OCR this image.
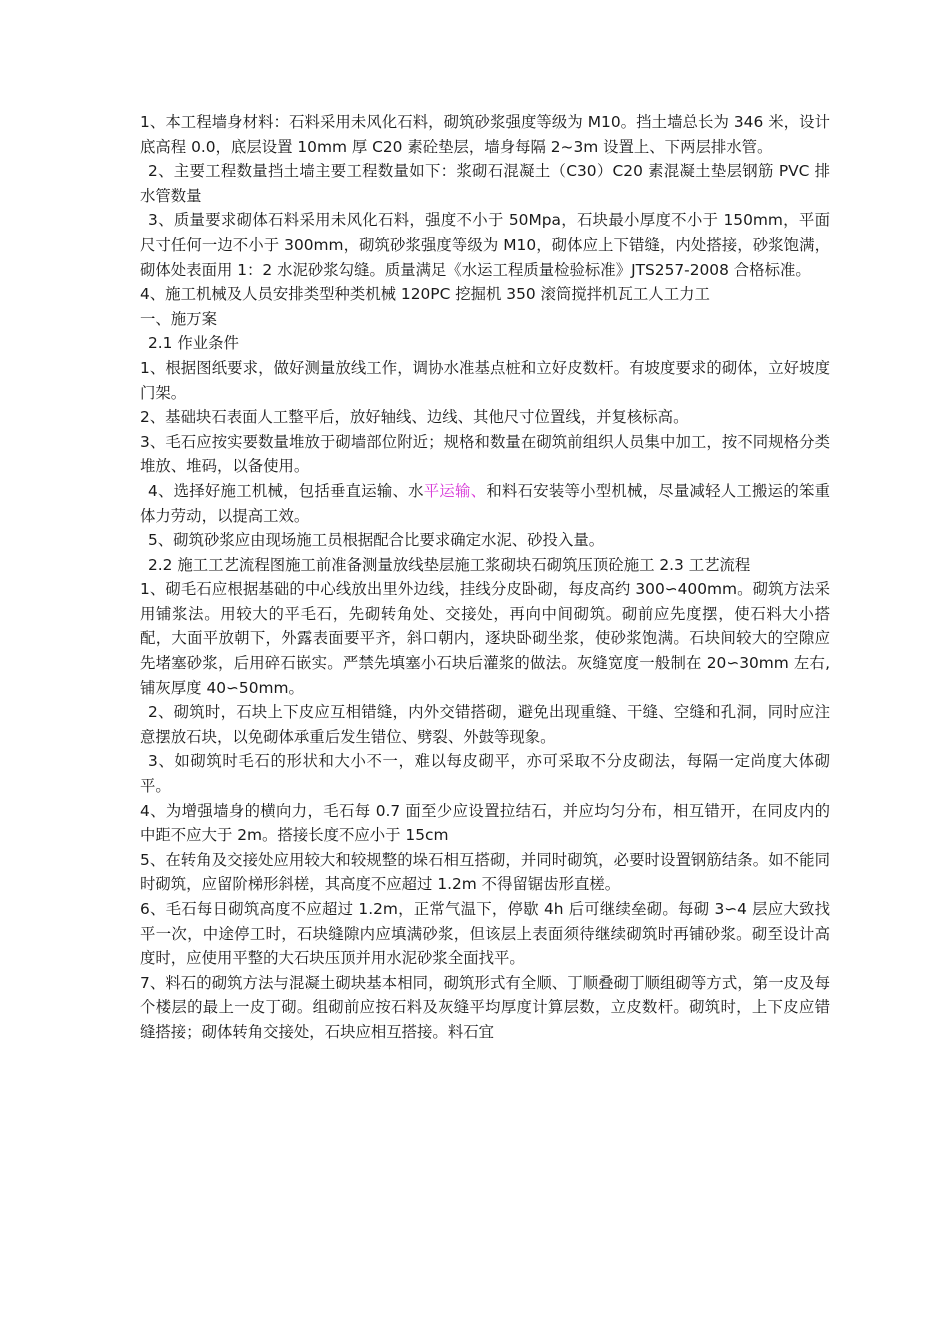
1、本工程墙身材料：石料采用未风化石料，砌筑砂浆强度等级为 M10。挡土墙总长为 346 米，设计底高程 0.0，底层设置 10mm 厚 C20 素砼垫层，墙身每隔 2~3m 设置上、下两层排水管。

2、主要工程数量挡土墙主要工程数量如下：浆砌石混凝土（C30）C20 素混凝土垫层钢筋 PVC 排水管数量

3、质量要求砌体石料采用未风化石料，强度不小于 50Mpa，石块最小厚度不小于 150mm，平面尺寸任何一边不小于 300mm，砌筑砂浆强度等级为 M10，砌体应上下错缝，内处搭接，砂浆饱满，砌体处表面用 1：2 水泥砂浆勾缝。质量满足《水运工程质量检验标准》JTS257-2008 合格标准。

4、施工机械及人员安排类型种类机械 120PC 挖掘机 350 滚筒搅拌机瓦工人工力工

一、施万案

2.1 作业条件

1、根据图纸要求，做好测量放线工作，调协水准基点桩和立好皮数杆。有坡度要求的砌体，立好坡度门架。

2、基础块石表面人工整平后，放好轴线、边线、其他尺寸位置线，并复核标高。

3、毛石应按实要数量堆放于砌墙部位附近；规格和数量在砌筑前组织人员集中加工，按不同规格分类堆放、堆码，以备使用。

4、选择好施工机械，包括垂直运输、水平运输、和料石安装等小型机械，尽量减轻人工搬运的笨重体力劳动，以提高工效。

5、砌筑砂浆应由现场施工员根据配合比要求确定水泥、砂投入量。

2.2 施工工艺流程图施工前准备测量放线垫层施工浆砌块石砌筑压顶砼施工 2.3 工艺流程

1、砌毛石应根据基础的中心线放出里外边线，挂线分皮卧砌，每皮高约 300∽400mm。砌筑方法采用铺浆法。用较大的平毛石，先砌转角处、交接处，再向中间砌筑。砌前应先度摆，使石料大小搭配，大面平放朝下，外露表面要平齐，斜口朝内，逐块卧砌坐浆，使砂浆饱满。石块间较大的空隙应先堵塞砂浆，后用碎石嵌实。严禁先填塞小石块后灌浆的做法。灰缝宽度一般制在 20∽30mm 左右,铺灰厚度 40∽50mm。

2、砌筑时，石块上下皮应互相错缝，内外交错搭砌，避免出现重缝、干缝、空缝和孔洞，同时应注意摆放石块，以免砌体承重后发生错位、劈裂、外鼓等现象。

3、如砌筑时毛石的形状和大小不一，难以每皮砌平，亦可采取不分皮砌法，每隔一定尚度大体砌平。

4、为增强墙身的横向力，毛石每 0.7 面至少应设置拉结石，并应均匀分布，相互错开，在同皮内的中距不应大于 2m。搭接长度不应小于 15cm

5、在转角及交接处应用较大和较规整的垛石相互搭砌，并同时砌筑，必要时设置钢筋结条。如不能同时砌筑，应留阶梯形斜槎，其高度不应超过 1.2m 不得留锯齿形直槎。

6、毛石每日砌筑高度不应超过 1.2m，正常气温下，停歇 4h 后可继续垒砌。每砌 3∽4 层应大致找平一次，中途停工时，石块缝隙内应填满砂浆，但该层上表面须待继续砌筑时再铺砂浆。砌至设计高度时，应使用平整的大石块压顶并用水泥砂浆全面找平。

7、料石的砌筑方法与混凝土砌块基本相同，砌筑形式有全顺、丁顺叠砌丁顺组砌等方式，第一皮及每个楼层的最上一皮丁砌。组砌前应按石料及灰缝平均厚度计算层数，立皮数杆。砌筑时，上下皮应错缝搭接；砌体转角交接处，石块应相互搭接。料石宜
